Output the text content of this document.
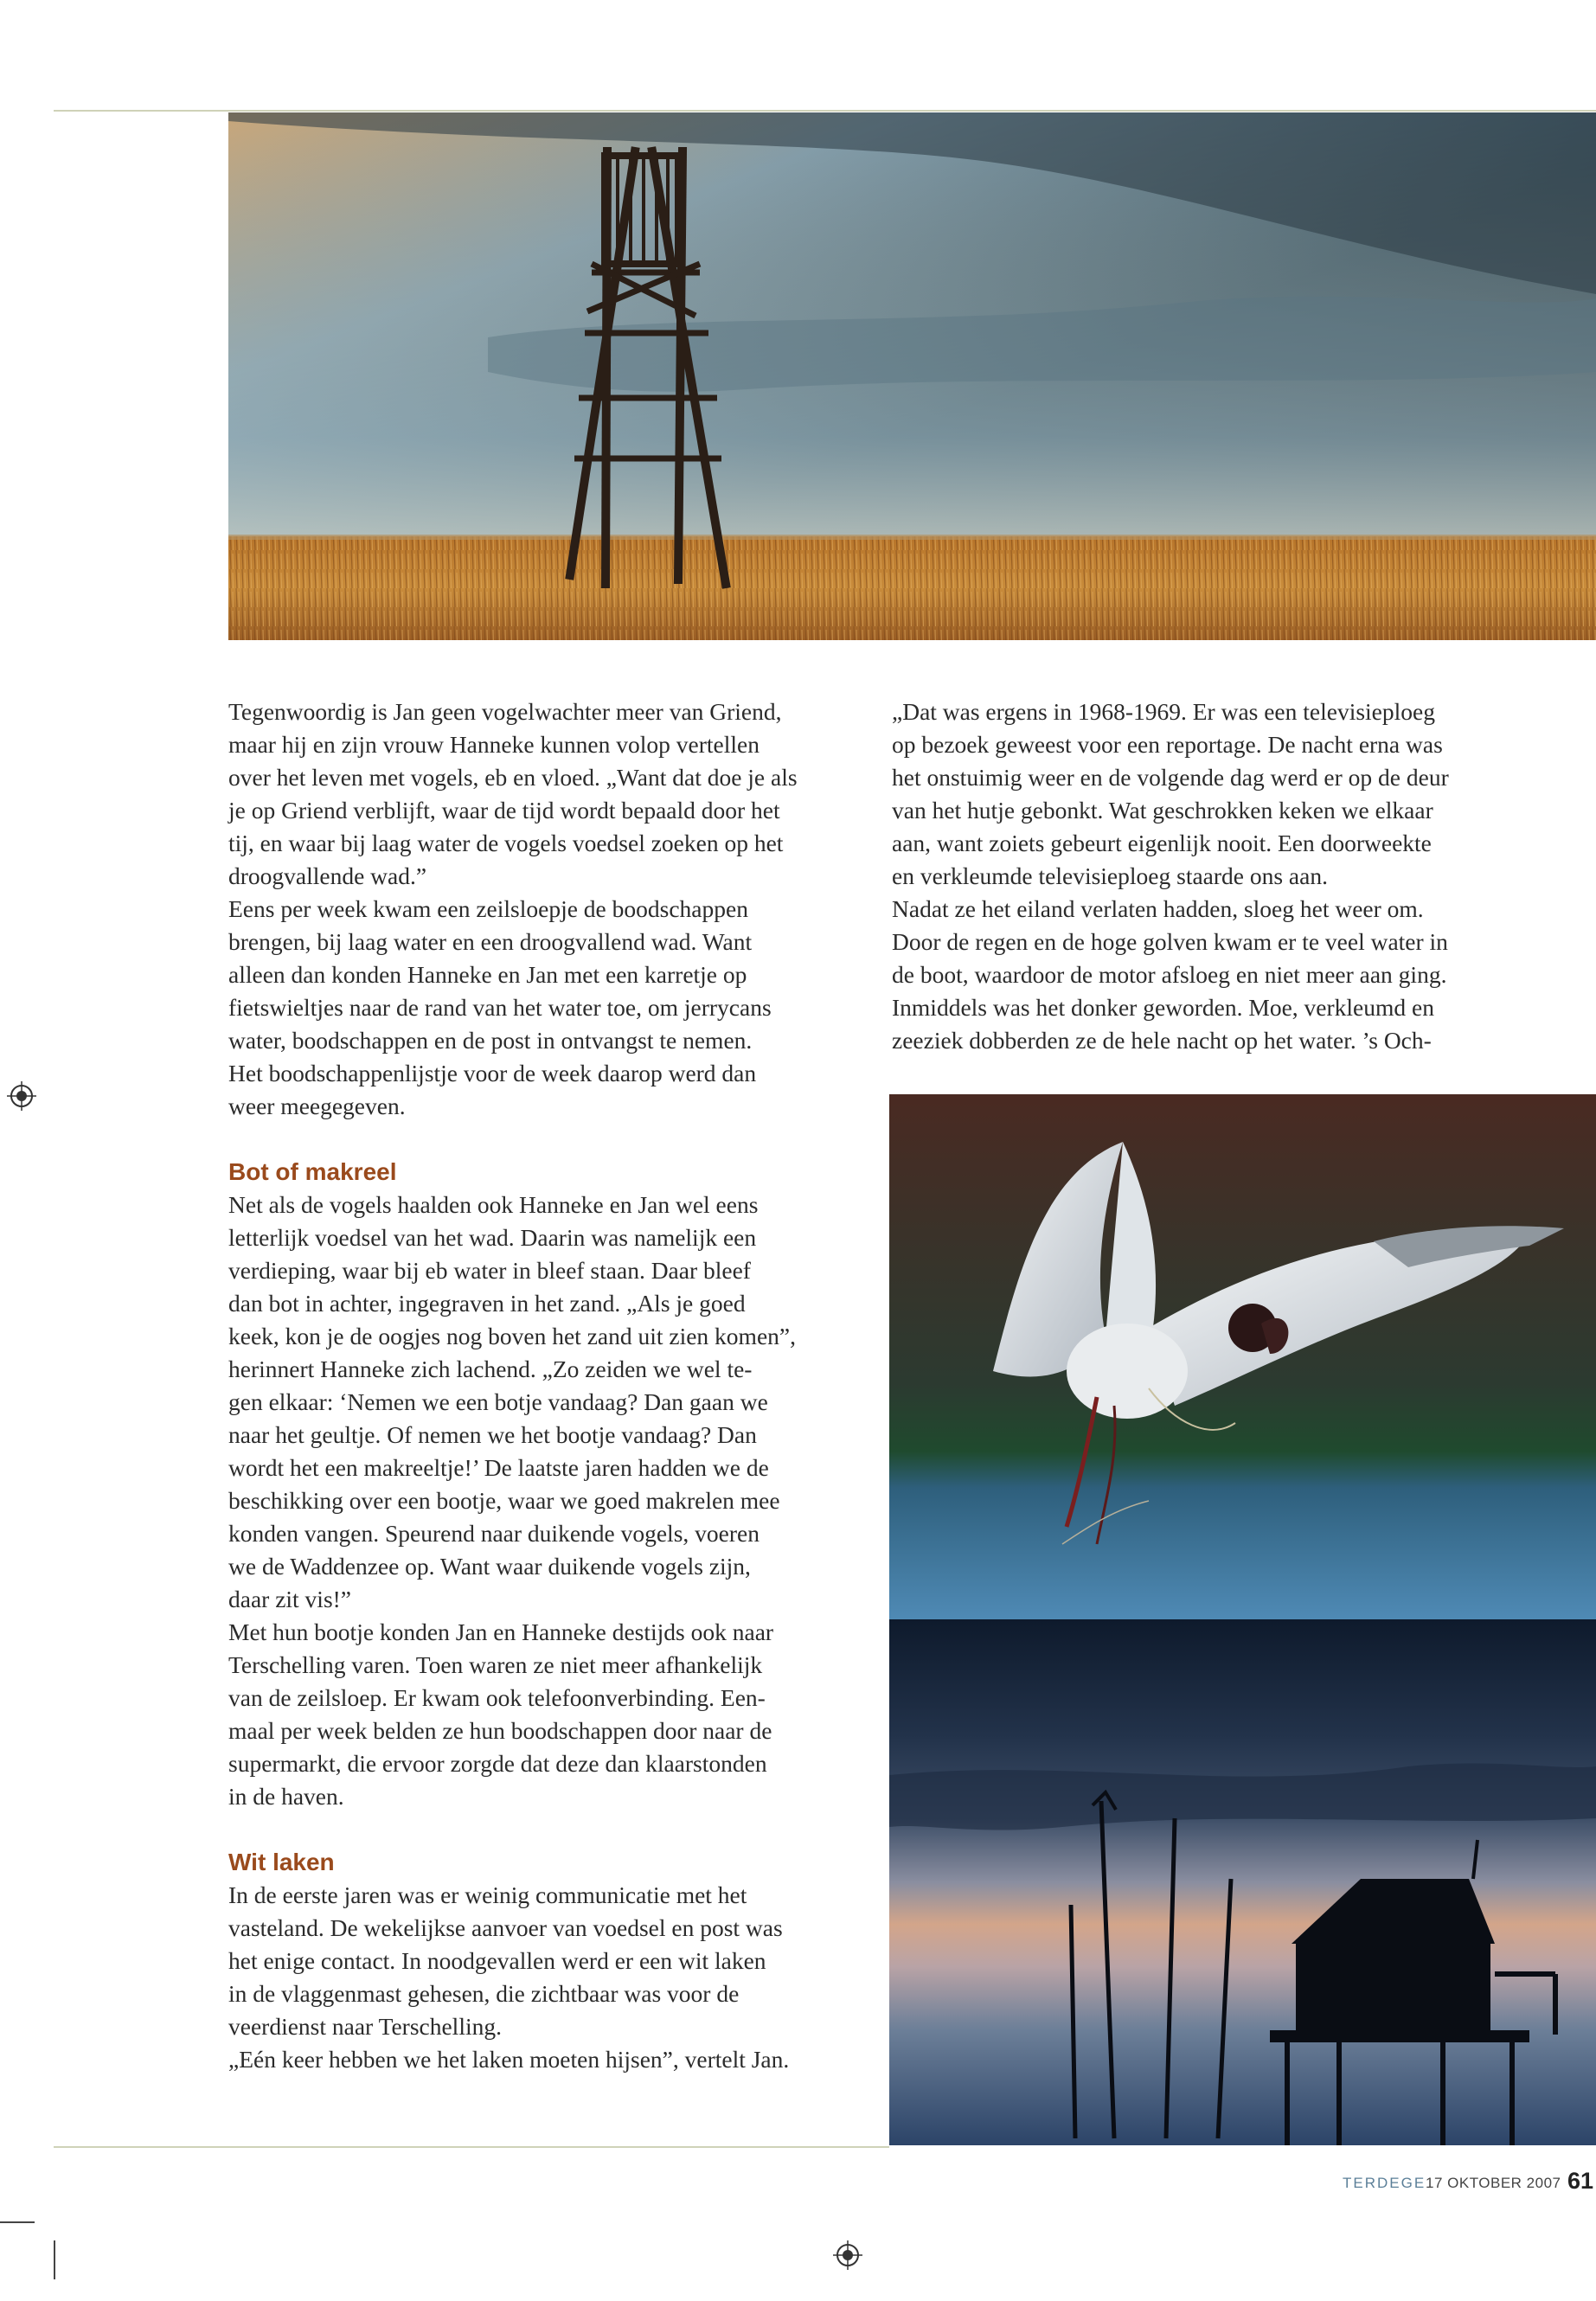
Tegenwoordig is Jan geen vogelwachter meer van Griend,

maar hij en zijn vrouw Hanneke kunnen volop vertellen

over het leven met vogels, eb en vloed. „Want dat doe je als

je op Griend verblijft, waar de tijd wordt bepaald door het

tij, en waar bij laag water de vogels voedsel zoeken op het

droogvallende wad.”

Eens per week kwam een zeilsloepje de boodschappen

brengen, bij laag water en een droogvallend wad. Want

alleen dan konden Hanneke en Jan met een karretje op

fietswieltjes naar de rand van het water toe, om jerrycans

water, boodschappen en de post in ontvangst te nemen.

Het boodschappenlijstje voor de week daarop werd dan

weer meegegeven.

Bot of makreel

Net als de vogels haalden ook Hanneke en Jan wel eens

letterlijk voedsel van het wad. Daarin was namelijk een

verdieping, waar bij eb water in bleef staan. Daar bleef

dan bot in achter, ingegraven in het zand. „Als je goed

keek, kon je de oogjes nog boven het zand uit zien komen”,

herinnert Hanneke zich lachend. „Zo zeiden we wel te-

gen elkaar: ‘Nemen we een botje vandaag? Dan gaan we

naar het geultje. Of nemen we het bootje vandaag? Dan

wordt het een makreeltje!’ De laatste jaren hadden we de

beschikking over een bootje, waar we goed makrelen mee

konden vangen. Speurend naar duikende vogels, voeren

we de Waddenzee op. Want waar duikende vogels zijn,

daar zit vis!”

Met hun bootje konden Jan en Hanneke destijds ook naar

Terschelling varen. Toen waren ze niet meer afhankelijk

van de zeilsloep. Er kwam ook telefoonverbinding. Een-

maal per week belden ze hun boodschappen door naar de

supermarkt, die ervoor zorgde dat deze dan klaarstonden

in de haven.

Wit laken

In de eerste jaren was er weinig communicatie met het

vasteland. De wekelijkse aanvoer van voedsel en post was

het enige contact. In noodgevallen werd er een wit laken

in de vlaggenmast gehesen, die zichtbaar was voor de

veerdienst naar Terschelling.

„Eén keer hebben we het laken moeten hijsen”, vertelt Jan.

„Dat was ergens in 1968-1969. Er was een televisieploeg

op bezoek geweest voor een reportage. De nacht erna was

het onstuimig weer en de volgende dag werd er op de deur

van het hutje gebonkt. Wat geschrokken keken we elkaar

aan, want zoiets gebeurt eigenlijk nooit. Een doorweekte

en verkleumde televisieploeg staarde ons aan.

Nadat ze het eiland verlaten hadden, sloeg het weer om.

Door de regen en de hoge golven kwam er te veel water in

de boot, waardoor de motor afsloeg en niet meer aan ging.

Inmiddels was het donker geworden. Moe, verkleumd en

zeeziek dobberden ze de hele nacht op het water. ’s Och-

TERDEGE 17 OKTOBER 2007 61
